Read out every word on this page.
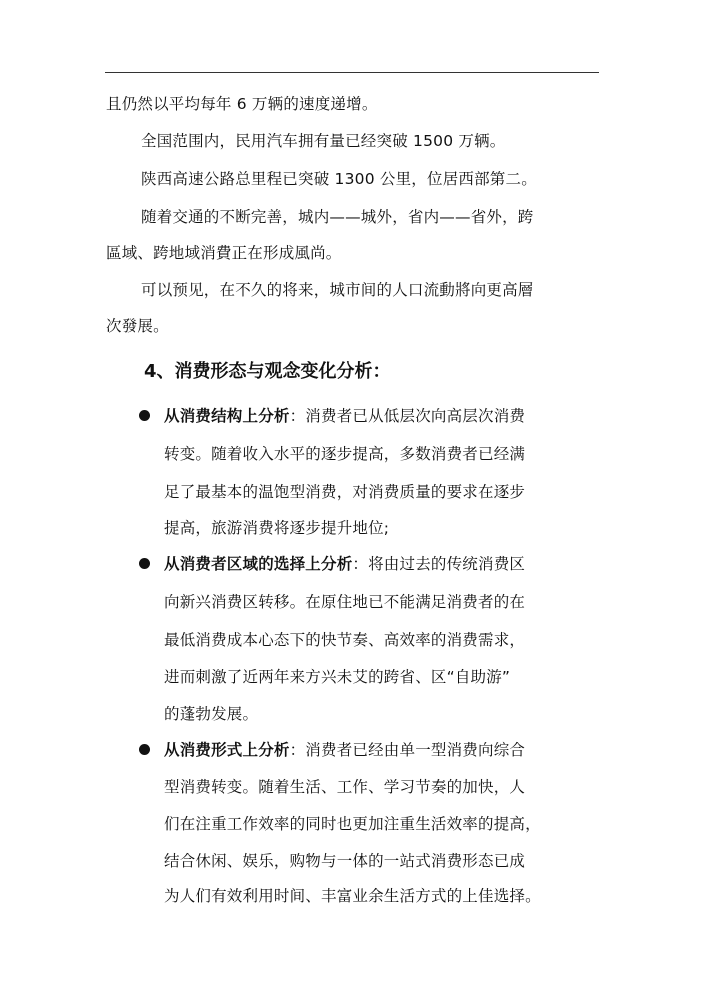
且仍然以平均每年 6 万辆的速度递增。
全国范围内，民用汽车拥有量已经突破 1500 万辆。
陕西高速公路总里程已突破 1300 公里，位居西部第二。
随着交通的不断完善，城内——城外，省内——省外，跨
區域、跨地域消費正在形成風尚。
可以预见，在不久的将来，城市间的人口流動將向更高層
次發展。
4、消费形态与观念变化分析：
从消费结构上分析：消费者已从低层次向高层次消费
转变。随着收入水平的逐步提高，多数消费者已经满
足了最基本的温饱型消费，对消费质量的要求在逐步
提高，旅游消费将逐步提升地位;
从消费者区域的选择上分析：将由过去的传统消费区
向新兴消费区转移。在原住地已不能满足消费者的在
最低消费成本心态下的快节奏、高效率的消费需求，
进而刺激了近两年来方兴未艾的跨省、区“自助游”
的蓬勃发展。
从消费形式上分析：消费者已经由单一型消费向综合
型消费转变。随着生活、工作、学习节奏的加快，人
们在注重工作效率的同时也更加注重生活效率的提高，
结合休闲、娱乐，购物与一体的一站式消费形态已成
为人们有效利用时间、丰富业余生活方式的上佳选择。
